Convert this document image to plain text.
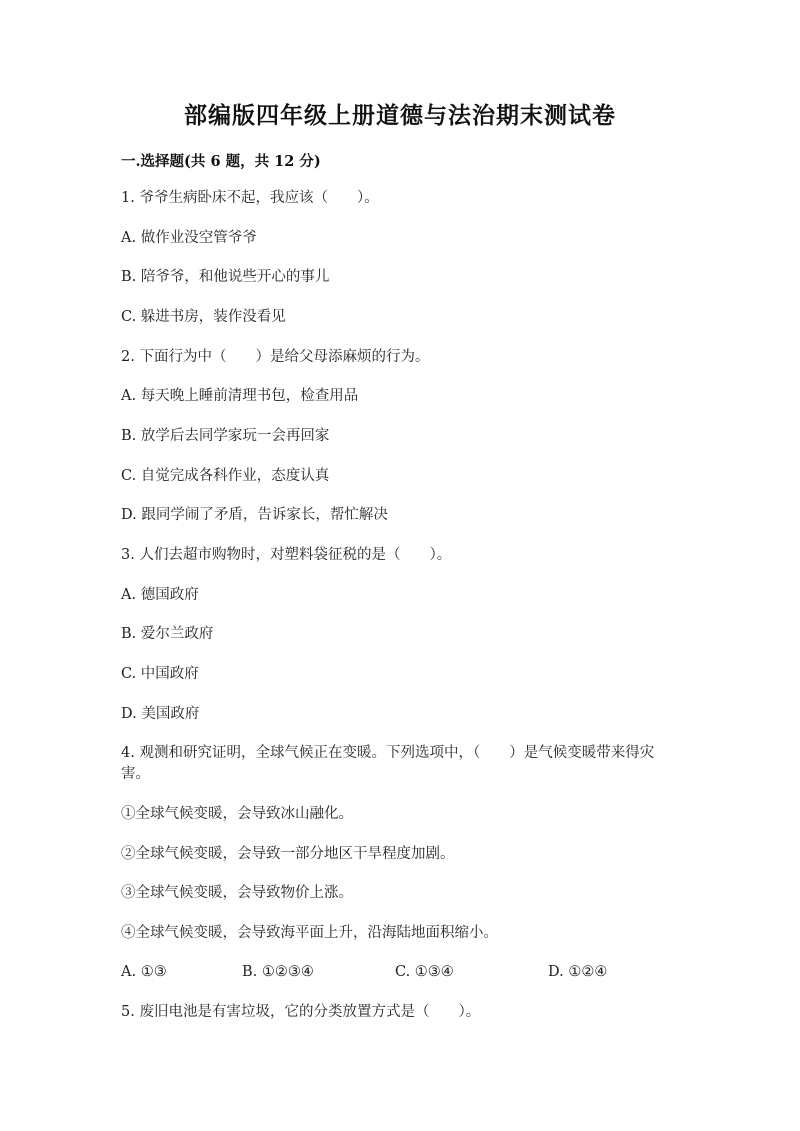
部编版四年级上册道德与法治期末测试卷
一.选择题(共 6 题，共 12 分)
1. 爷爷生病卧床不起，我应该（　　）。
A. 做作业没空管爷爷
B. 陪爷爷，和他说些开心的事儿
C. 躲进书房，装作没看见
2. 下面行为中（　　）是给父母添麻烦的行为。
A. 每天晚上睡前清理书包，检查用品
B. 放学后去同学家玩一会再回家
C. 自觉完成各科作业，态度认真
D. 跟同学闹了矛盾，告诉家长，帮忙解决
3. 人们去超市购物时，对塑料袋征税的是（　　）。
A. 德国政府
B. 爱尔兰政府
C. 中国政府
D. 美国政府
4. 观测和研究证明，全球气候正在变暖。下列选项中，（　　）是气候变暖带来得灾害。
①全球气候变暖，会导致冰山融化。
②全球气候变暖，会导致一部分地区干旱程度加剧。
③全球气候变暖，会导致物价上涨。
④全球气候变暖，会导致海平面上升，沿海陆地面积缩小。
A. ①③	B. ①②③④	C. ①③④	D. ①②④
5. 废旧电池是有害垃圾，它的分类放置方式是（　　）。
